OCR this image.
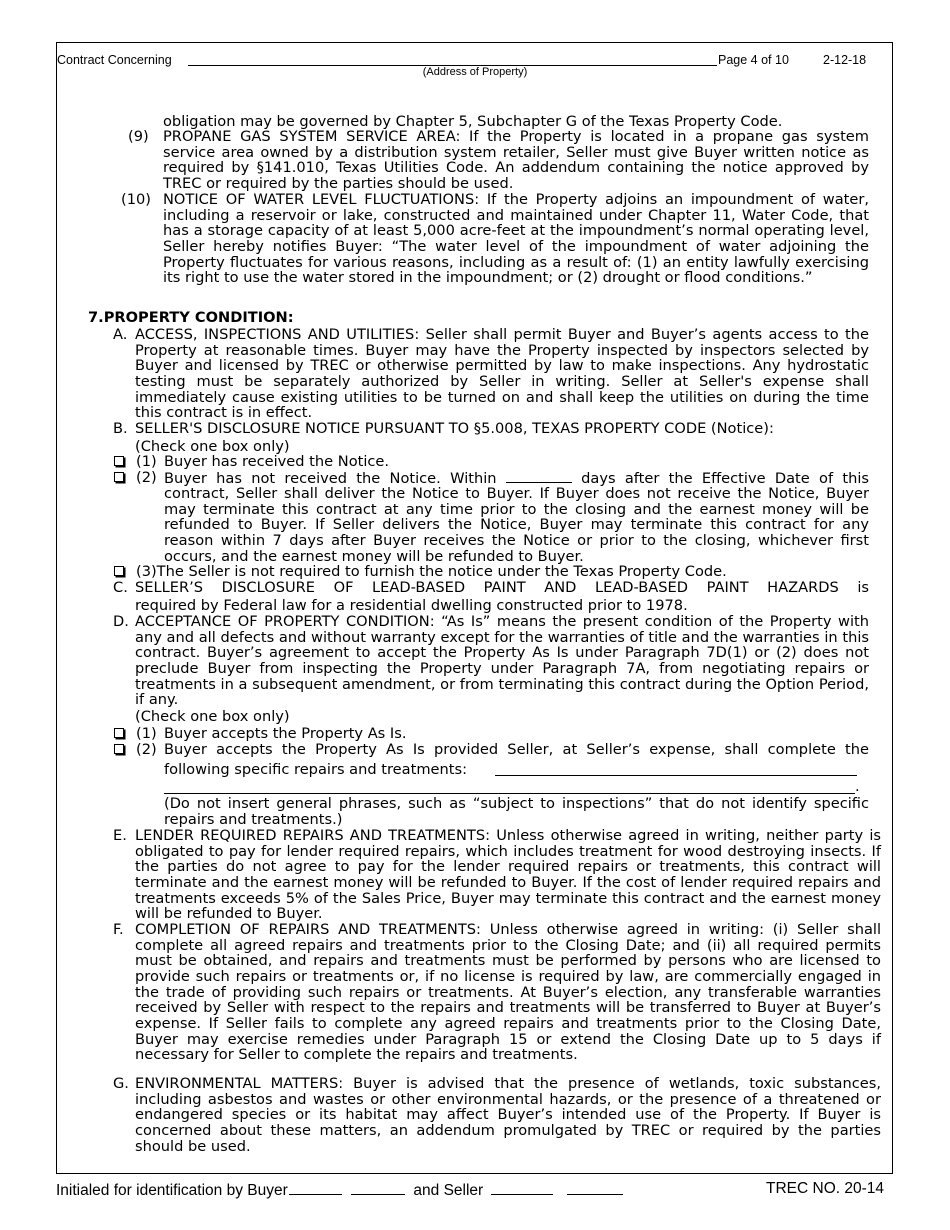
Contract Concerning	Page 4 of 10	2-12-18
(Address of Property)
obligation may be governed by Chapter 5, Subchapter G of the Texas Property Code.
(9) PROPANE GAS SYSTEM SERVICE AREA: If the Property is located in a propane gas system service area owned by a distribution system retailer, Seller must give Buyer written notice as required by §141.010, Texas Utilities Code. An addendum containing the notice approved by TREC or required by the parties should be used.
(10) NOTICE OF WATER LEVEL FLUCTUATIONS: If the Property adjoins an impoundment of water, including a reservoir or lake, constructed and maintained under Chapter 11, Water Code, that has a storage capacity of at least 5,000 acre-feet at the impoundment’s normal operating level, Seller hereby notifies Buyer: “The water level of the impoundment of water adjoining the Property fluctuates for various reasons, including as a result of: (1) an entity lawfully exercising its right to use the water stored in the impoundment; or (2) drought or flood conditions.”
7.PROPERTY CONDITION:
A. ACCESS, INSPECTIONS AND UTILITIES: Seller shall permit Buyer and Buyer’s agents access to the Property at reasonable times. Buyer may have the Property inspected by inspectors selected by Buyer and licensed by TREC or otherwise permitted by law to make inspections. Any hydrostatic testing must be separately authorized by Seller in writing. Seller at Seller's expense shall immediately cause existing utilities to be turned on and shall keep the utilities on during the time this contract is in effect.
B. SELLER'S DISCLOSURE NOTICE PURSUANT TO §5.008, TEXAS PROPERTY CODE (Notice):
(Check one box only)
(1) Buyer has received the Notice.
(2) Buyer has not received the Notice. Within	days after the Effective Date of this
contract, Seller shall deliver the Notice to Buyer. If Buyer does not receive the Notice, Buyer may terminate this contract at any time prior to the closing and the earnest money will be refunded to Buyer. If Seller delivers the Notice, Buyer may terminate this contract for any reason within 7 days after Buyer receives the Notice or prior to the closing, whichever first occurs, and the earnest money will be refunded to Buyer.
(3)The Seller is not required to furnish the notice under the Texas Property Code.
C. SELLER’S DISCLOSURE OF LEAD-BASED PAINT AND LEAD-BASED PAINT HAZARDS is
required by Federal law for a residential dwelling constructed prior to 1978.
D. ACCEPTANCE OF PROPERTY CONDITION: “As Is” means the present condition of the Property with any and all defects and without warranty except for the warranties of title and the warranties in this contract. Buyer’s agreement to accept the Property As Is under Paragraph 7D(1) or (2) does not preclude Buyer from inspecting the Property under Paragraph 7A, from negotiating repairs or treatments in a subsequent amendment, or from terminating this contract during the Option Period, if any.
(Check one box only)
(1) Buyer accepts the Property As Is.
(2) Buyer accepts the Property As Is provided Seller, at Seller’s expense, shall complete the
following specific repairs and treatments:
.
(Do not insert general phrases, such as “subject to inspections” that do not identify specific repairs and treatments.)
E. LENDER REQUIRED REPAIRS AND TREATMENTS: Unless otherwise agreed in writing, neither party is obligated to pay for lender required repairs, which includes treatment for wood destroying insects. If the parties do not agree to pay for the lender required repairs or treatments, this contract will terminate and the earnest money will be refunded to Buyer. If the cost of lender required repairs and treatments exceeds 5% of the Sales Price, Buyer may terminate this contract and the earnest money will be refunded to Buyer.
F. COMPLETION OF REPAIRS AND TREATMENTS: Unless otherwise agreed in writing: (i) Seller shall complete all agreed repairs and treatments prior to the Closing Date; and (ii) all required permits must be obtained, and repairs and treatments must be performed by persons who are licensed to provide such repairs or treatments or, if no license is required by law, are commercially engaged in the trade of providing such repairs or treatments. At Buyer’s election, any transferable warranties received by Seller with respect to the repairs and treatments will be transferred to Buyer at Buyer’s expense. If Seller fails to complete any agreed repairs and treatments prior to the Closing Date, Buyer may exercise remedies under Paragraph 15 or extend the Closing Date up to 5 days if necessary for Seller to complete the repairs and treatments.
G. ENVIRONMENTAL MATTERS: Buyer is advised that the presence of wetlands, toxic substances, including asbestos and wastes or other environmental hazards, or the presence of a threatened or endangered species or its habitat may affect Buyer’s intended use of the Property. If Buyer is concerned about these matters, an addendum promulgated by TREC or required by the parties should be used.
Initialed for identification by Buyer	and Seller	TREC NO. 20-14
